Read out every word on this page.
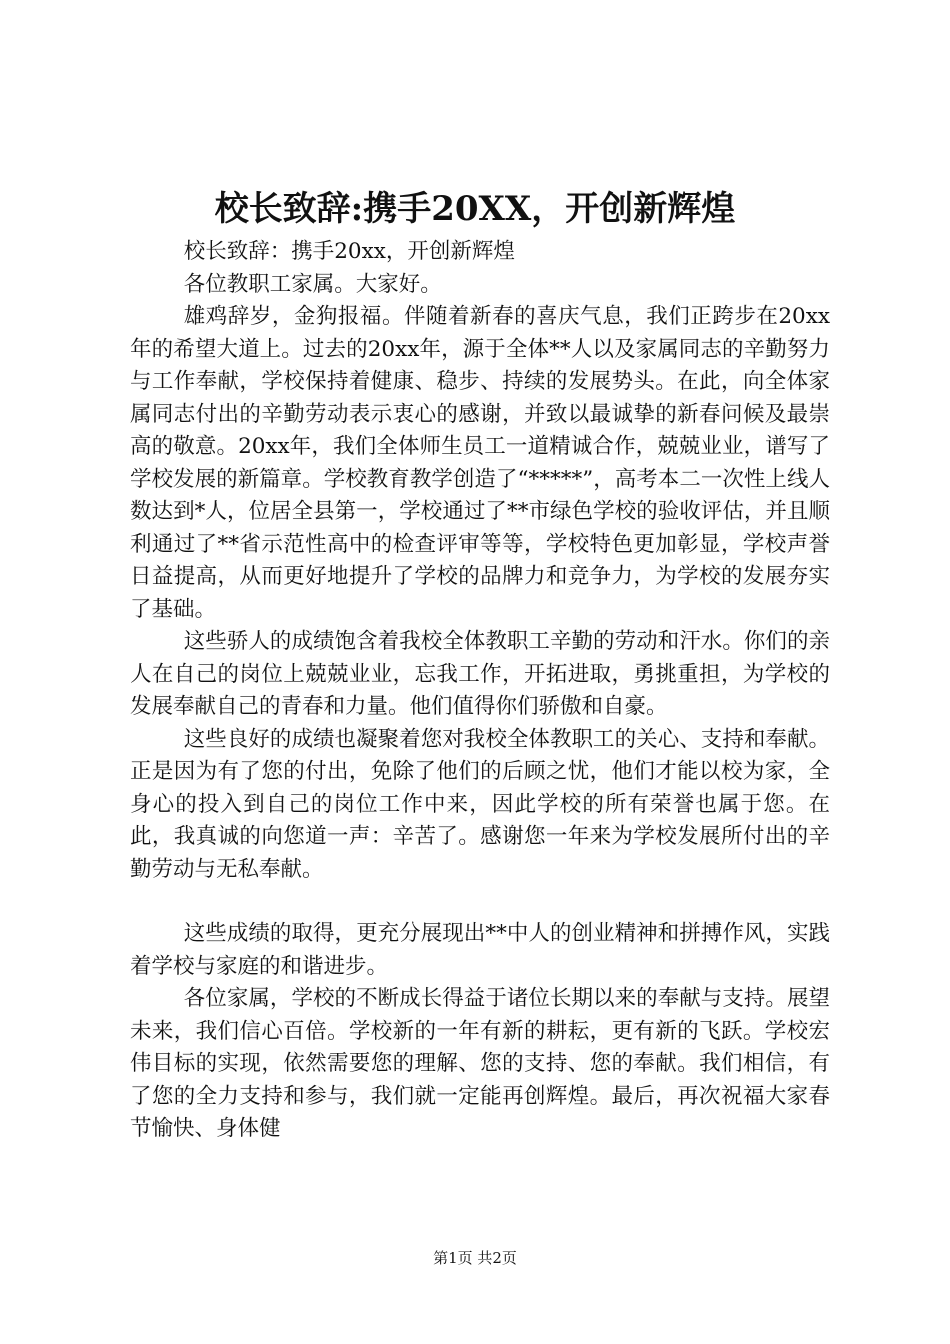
校长致辞:携手20XX，开创新辉煌

校长致辞：携手20xx，开创新辉煌

各位教职工家属。大家好。

雄鸡辞岁，金狗报福。伴随着新春的喜庆气息，我们正跨步在20xx年的希望大道上。过去的20xx年，源于全体**人以及家属同志的辛勤努力与工作奉献，学校保持着健康、稳步、持续的发展势头。在此，向全体家属同志付出的辛勤劳动表示衷心的感谢，并致以最诚挚的新春问候及最崇高的敬意。20xx年，我们全体师生员工一道精诚合作，兢兢业业，谱写了学校发展的新篇章。学校教育教学创造了“*****”，高考本二一次性上线人数达到*人，位居全县第一，学校通过了**市绿色学校的验收评估，并且顺利通过了**省示范性高中的检查评审等等，学校特色更加彰显，学校声誉日益提高，从而更好地提升了学校的品牌力和竞争力，为学校的发展夯实了基础。

这些骄人的成绩饱含着我校全体教职工辛勤的劳动和汗水。你们的亲人在自己的岗位上兢兢业业，忘我工作，开拓进取，勇挑重担，为学校的发展奉献自己的青春和力量。他们值得你们骄傲和自豪。

这些良好的成绩也凝聚着您对我校全体教职工的关心、支持和奉献。正是因为有了您的付出，免除了他们的后顾之忧，他们才能以校为家，全身心的投入到自己的岗位工作中来，因此学校的所有荣誉也属于您。在此，我真诚的向您道一声：辛苦了。感谢您一年来为学校发展所付出的辛勤劳动与无私奉献。

这些成绩的取得，更充分展现出**中人的创业精神和拼搏作风，实践着学校与家庭的和谐进步。

各位家属，学校的不断成长得益于诸位长期以来的奉献与支持。展望未来，我们信心百倍。学校新的一年有新的耕耘，更有新的飞跃。学校宏伟目标的实现，依然需要您的理解、您的支持、您的奉献。我们相信，有了您的全力支持和参与，我们就一定能再创辉煌。最后，再次祝福大家春节愉快、身体健

第1页 共2页
